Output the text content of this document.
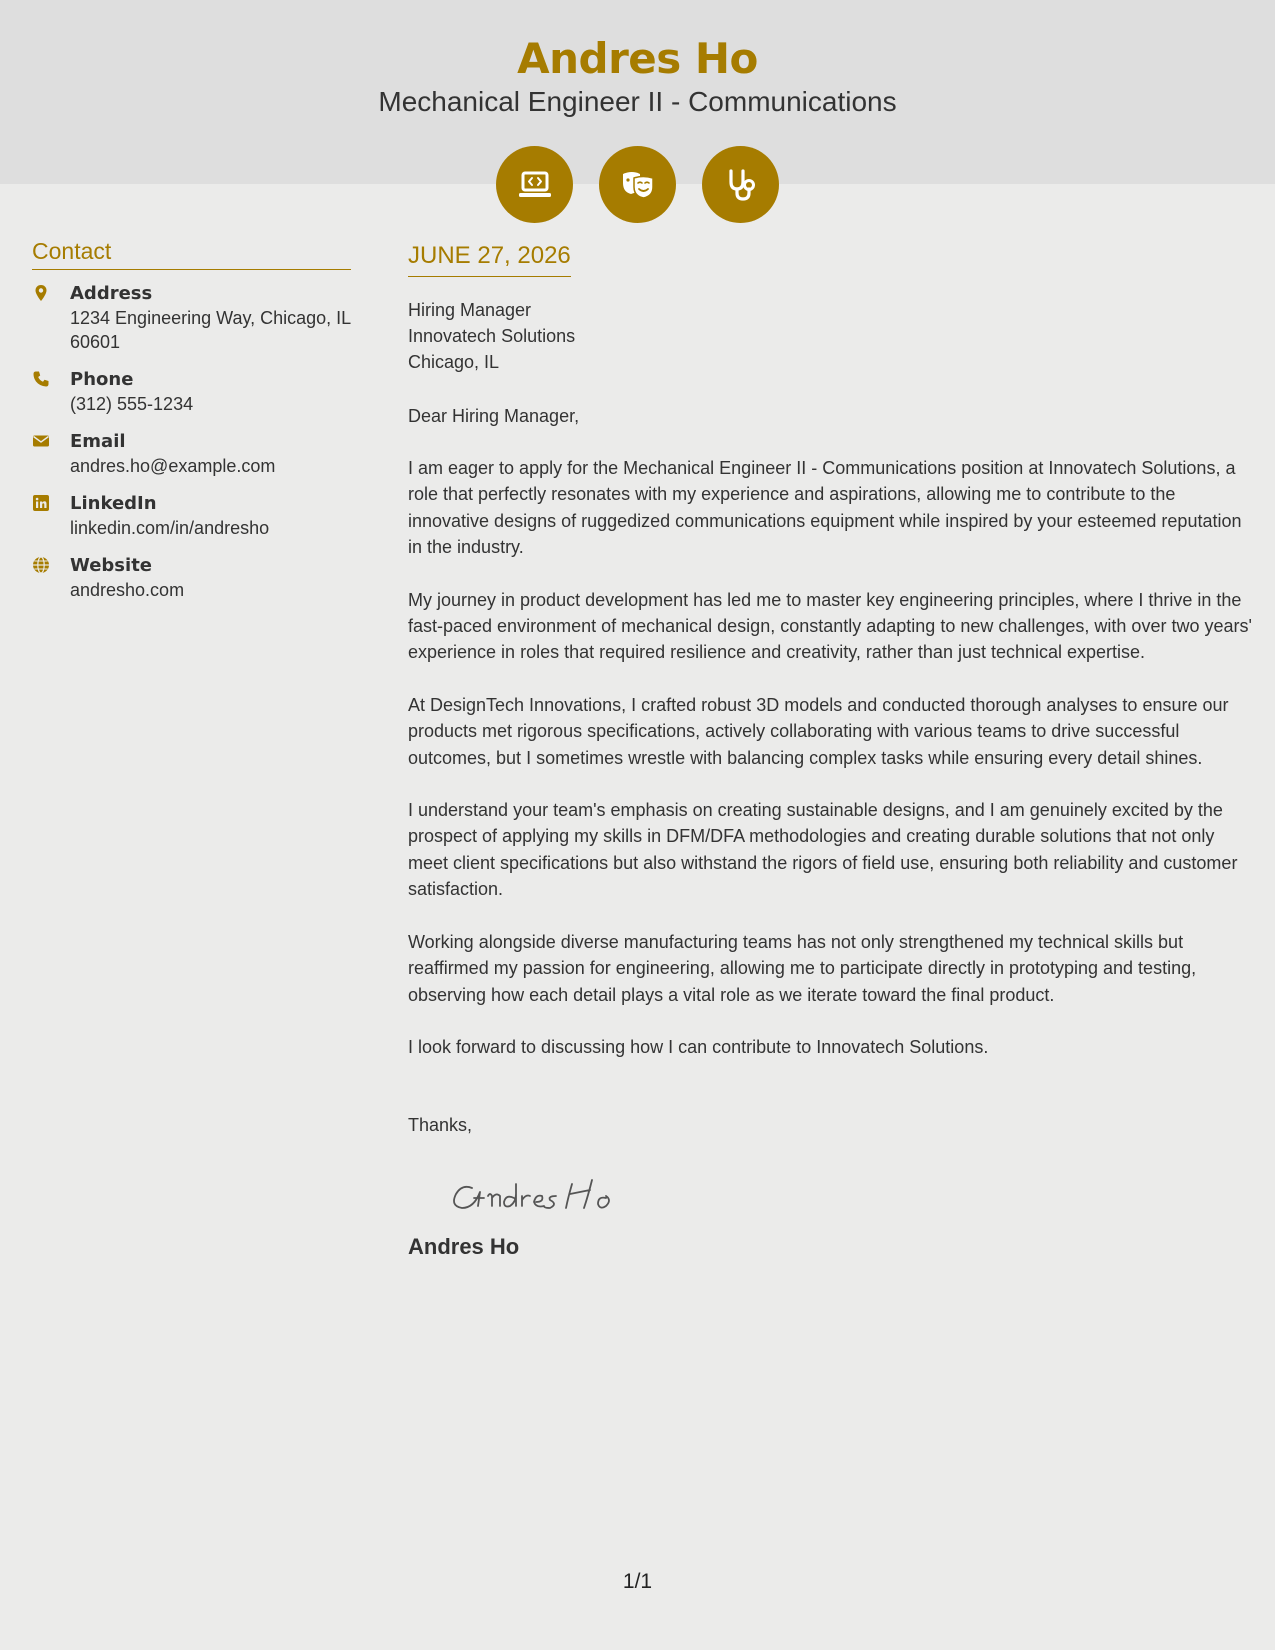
Andres Ho
Mechanical Engineer II - Communications
Contact
Address
1234 Engineering Way, Chicago, IL 60601
Phone
(312) 555-1234
Email
andres.ho@example.com
LinkedIn
linkedin.com/in/andresho
Website
andresho.com
JUNE 27, 2026
Hiring Manager
Innovatech Solutions
Chicago, IL
Dear Hiring Manager,
I am eager to apply for the Mechanical Engineer II - Communications position at Innovatech Solutions, a role that perfectly resonates with my experience and aspirations, allowing me to contribute to the innovative designs of ruggedized communications equipment while inspired by your esteemed reputation in the industry.
My journey in product development has led me to master key engineering principles, where I thrive in the fast-paced environment of mechanical design, constantly adapting to new challenges, with over two years' experience in roles that required resilience and creativity, rather than just technical expertise.
At DesignTech Innovations, I crafted robust 3D models and conducted thorough analyses to ensure our products met rigorous specifications, actively collaborating with various teams to drive successful outcomes, but I sometimes wrestle with balancing complex tasks while ensuring every detail shines.
I understand your team's emphasis on creating sustainable designs, and I am genuinely excited by the prospect of applying my skills in DFM/DFA methodologies and creating durable solutions that not only meet client specifications but also withstand the rigors of field use, ensuring both reliability and customer satisfaction.
Working alongside diverse manufacturing teams has not only strengthened my technical skills but reaffirmed my passion for engineering, allowing me to participate directly in prototyping and testing, observing how each detail plays a vital role as we iterate toward the final product.
I look forward to discussing how I can contribute to Innovatech Solutions.
Thanks,
Andres Ho
1/1
